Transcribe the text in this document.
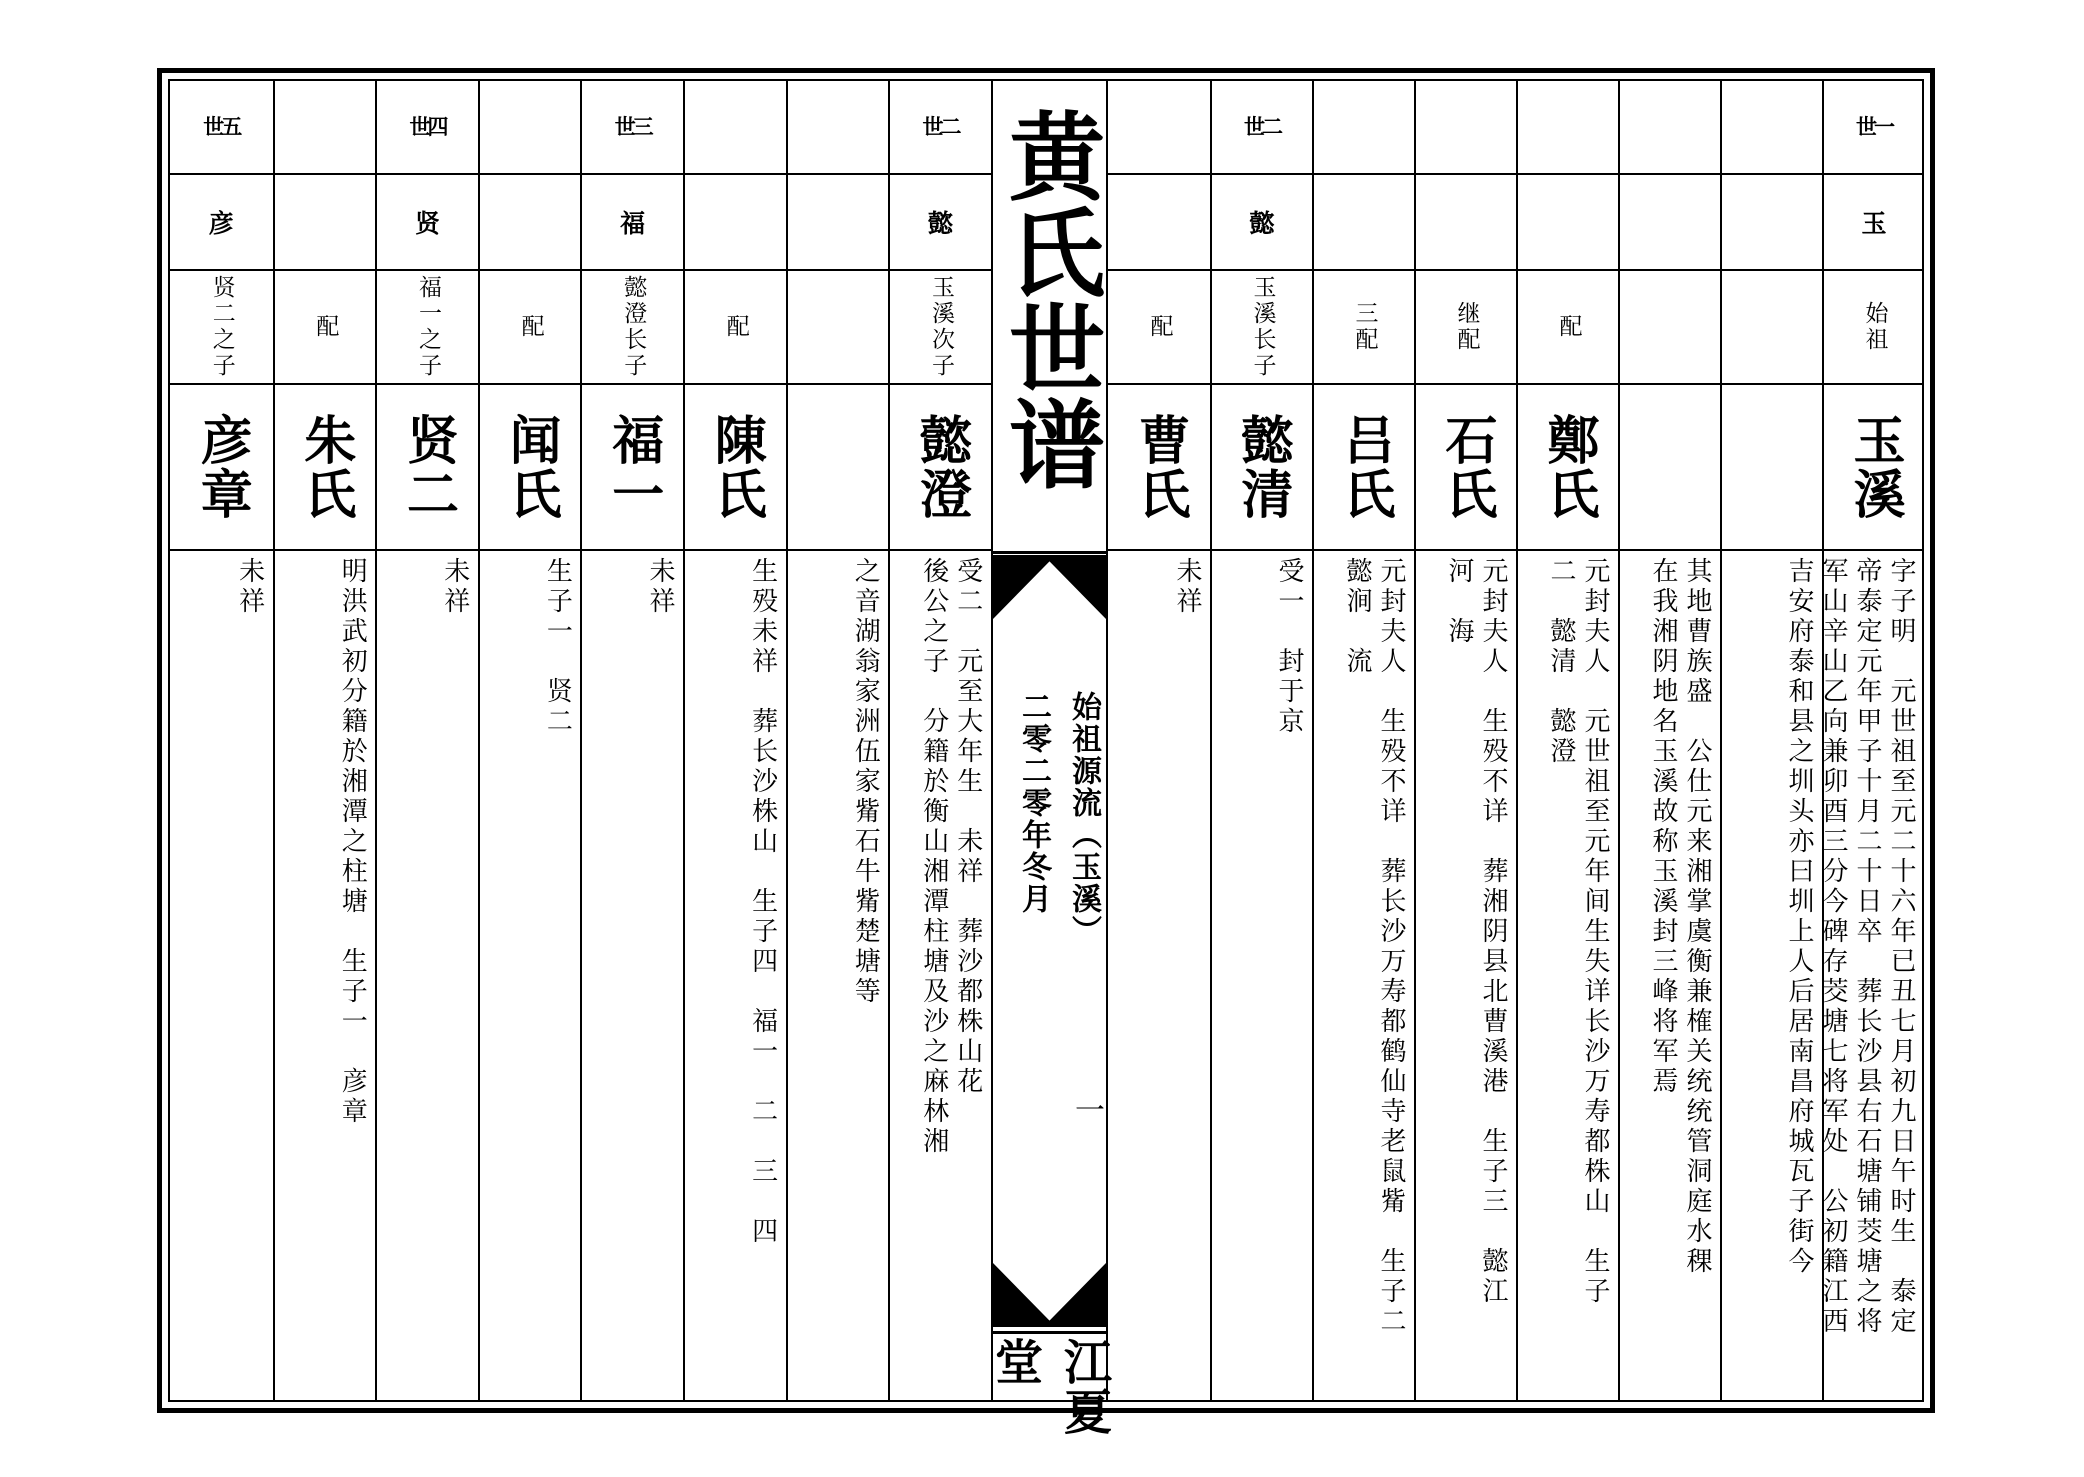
世五
彦
贤二之子
彦章
未祥
配
朱氏
明洪武初分籍於湘潭之柱塘　生子一　彦章
世四
贤
福一之子
贤二
未祥
配
闻氏
生子一　贤二
世三
福
懿澄长子
福一
未祥
配
陳氏
生殁未祥　葬长沙株山　生子四　福一　二　三　四	之音湖翁家洲伍家觜石牛觜楚塘等
世二
懿
玉溪次子
懿澄
受二　元至大年生　未祥　葬沙都株山花
後公之子　分籍於衡山湘潭柱塘及沙之麻林湘
黄氏世谱
始祖源流（玉溪）
二零二零年冬月
一
江夏堂
配
曹氏
未祥
世二
懿
玉溪长子
懿清
受一　封于京
三配
吕氏
元封夫人　生殁不详　葬长沙万寿都鹤仙寺老鼠觜　生子二
懿涧　流
继配
石氏
元封夫人　生殁不详　葬湘阴县北曹溪港　生子三　懿江
河　海
配
鄭氏
元封夫人　元世祖至元年间生失详长沙万寿都株山　生子
二　懿清　懿澄
其地曹族盛　公仕元来湘掌虞衡兼榷关统统管洞庭水稞
在我湘阴地名玉溪故称玉溪封三峰将军焉	吉安府泰和县之圳头亦曰圳上人后居南昌府城瓦子街今
世一
玉
始祖
玉溪
字子明　元世祖至元二十六年已丑七月初九日午时生　泰定
帝泰定元年甲子十月二十日卒　葬长沙县右石塘铺茭塘之将
军山辛山乙向兼卯酉三分今碑存茭塘七将军处　公初籍江西
